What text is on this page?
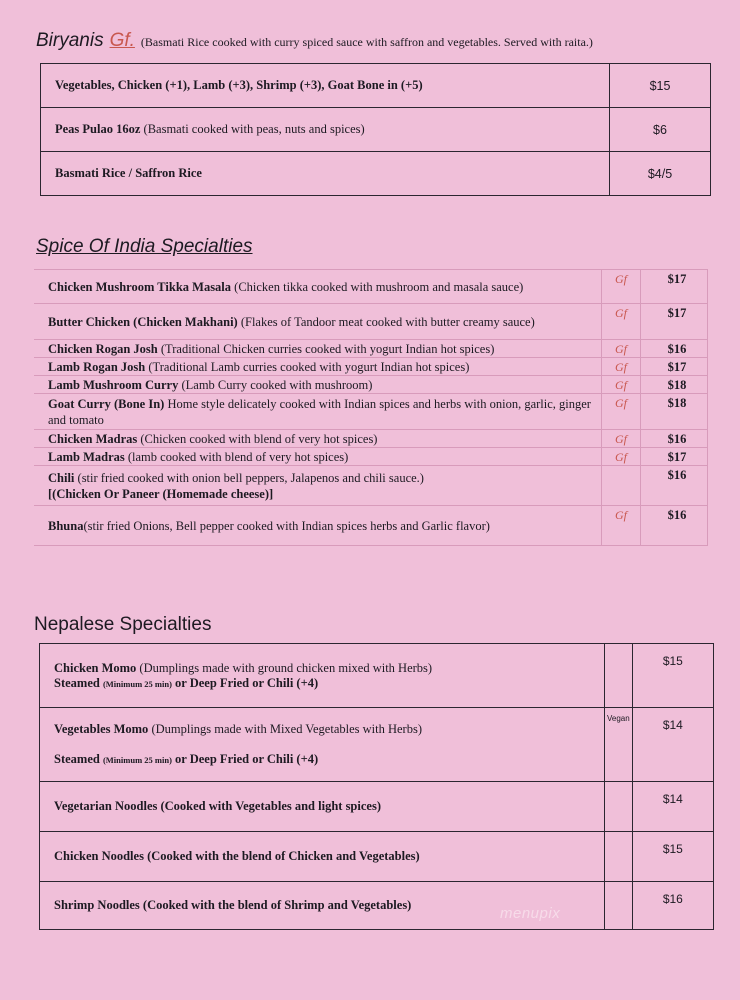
Biryanis Gf. (Basmati Rice cooked with curry spiced sauce with saffron and vegetables. Served with raita.)
Vegetables, Chicken (+1), Lamb (+3), Shrimp (+3), Goat Bone in (+5)	$15
Peas Pulao 16oz (Basmati cooked with peas, nuts and spices)	$6
Basmati Rice / Saffron Rice	$4/5
Spice Of India Specialties
Chicken Mushroom Tikka Masala (Chicken tikka cooked with mushroom and masala sauce)	Gf	$17
Butter Chicken (Chicken Makhani) (Flakes of Tandoor meat cooked with butter creamy sauce)	Gf	$17
Chicken Rogan Josh (Traditional Chicken curries cooked with yogurt Indian hot spices)	Gf	$16
Lamb Rogan Josh (Traditional Lamb curries cooked with yogurt Indian hot spices)	Gf	$17
Lamb Mushroom Curry (Lamb Curry cooked with mushroom)	Gf	$18
Goat Curry (Bone In) Home style delicately cooked with Indian spices and herbs with onion, garlic, ginger and tomato	Gf	$18
Chicken Madras (Chicken cooked with blend of very hot spices)	Gf	$16
Lamb Madras (lamb cooked with blend of very hot spices)	Gf	$17
Chili (stir fried cooked with onion bell peppers, Jalapenos and chili sauce.)
[(Chicken Or Paneer (Homemade cheese)]		$16
Bhuna(stir fried Onions, Bell pepper cooked with Indian spices herbs and Garlic flavor)	Gf	$16
Nepalese Specialties
Chicken Momo (Dumplings made with ground chicken mixed with Herbs)
Steamed (Minimum 25 min) or Deep Fried or Chili (+4)		$15
Vegetables Momo (Dumplings made with Mixed Vegetables with Herbs)

Steamed (Minimum 25 min) or Deep Fried or Chili (+4)	Vegan	$14
Vegetarian Noodles (Cooked with Vegetables and light spices)		$14
Chicken Noodles (Cooked with the blend of Chicken and Vegetables)		$15
Shrimp Noodles (Cooked with the blend of Shrimp and Vegetables)		$16
menupix
